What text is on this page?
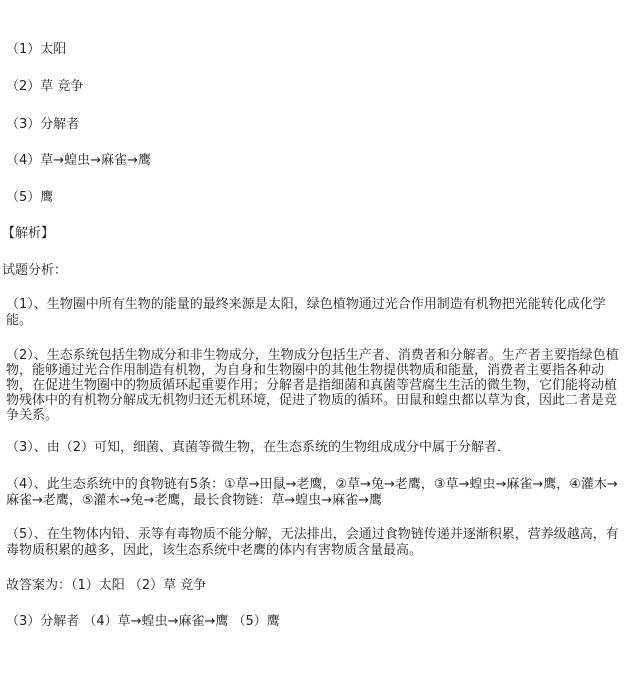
（1）太阳
（2）草 竞争
（3）分解者
（4）草→蝗虫→麻雀→鹰
（5）鹰
【解析】
试题分析：
（1）、生物圈中所有生物的能量的最终来源是太阳，绿色植物通过光合作用制造有机物把光能转化成化学能。
（2）、生态系统包括生物成分和非生物成分，生物成分包括生产者、消费者和分解者。生产者主要指绿色植物，能够通过光合作用制造有机物，为自身和生物圈中的其他生物提供物质和能量，消费者主要指各种动物，在促进生物圈中的物质循环起重要作用；分解者是指细菌和真菌等营腐生生活的微生物，它们能将动植物残体中的有机物分解成无机物归还无机环境，促进了物质的循环。田鼠和蝗虫都以草为食，因此二者是竞争关系。
（3）、由（2）可知，细菌、真菌等微生物，在生态系统的生物组成成分中属于分解者．
（4）、此生态系统中的食物链有5条：①草→田鼠→老鹰，②草→兔→老鹰，③草→蝗虫→麻雀→鹰，④灌木→麻雀→老鹰，⑤灌木→兔→老鹰，最长食物链：草→蝗虫→麻雀→鹰
（5）、在生物体内铅、汞等有毒物质不能分解，无法排出，会通过食物链传递并逐渐积累，营养级越高，有毒物质积累的越多，因此，该生态系统中老鹰的体内有害物质含量最高。
故答案为：（1）太阳 （2）草 竞争
（3）分解者 （4）草→蝗虫→麻雀→鹰 （5）鹰
